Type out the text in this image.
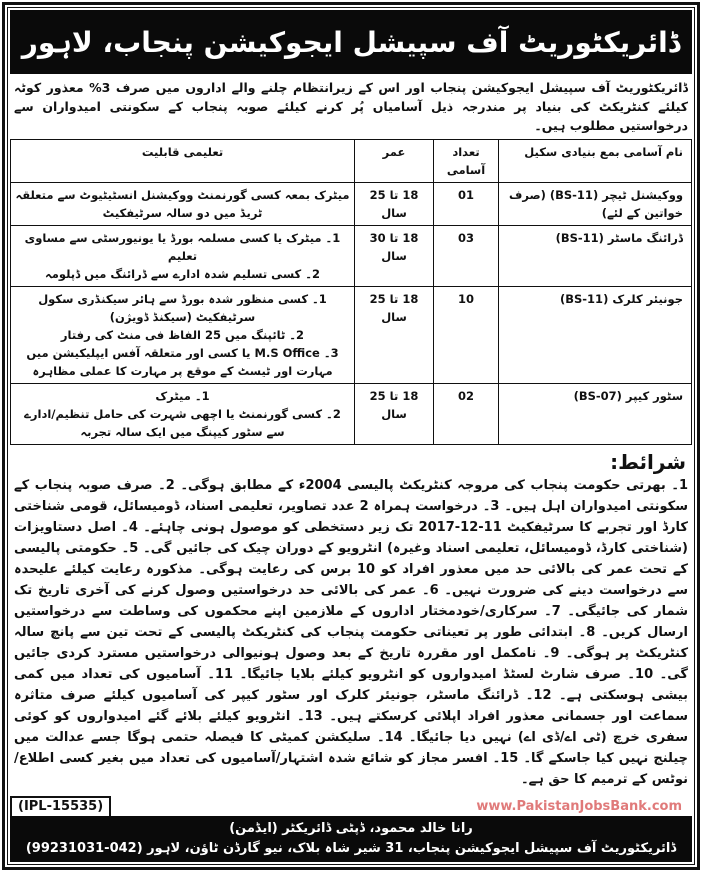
ڈائریکٹوریٹ آف سپیشل ایجوکیشن پنجاب، لاہور
ڈائریکٹوریٹ آف سپیشل ایجوکیشن پنجاب اور اس کے زیرانتظام چلنے والے اداروں میں صرف 3% معذور کوٹہ کیلئے کنٹریکٹ کی بنیاد پر مندرجہ ذیل آسامیاں پُر کرنے کیلئے صوبہ پنجاب کے سکونتی امیدواران سے درخواستیں مطلوب ہیں۔
نام آسامی بمع بنیادی سکیل	تعداد آسامی	عمر	تعلیمی قابلیت
ووکیشنل ٹیچر (BS-11) (صرف خواتین کے لئے)	01	18 تا 25 سال	میٹرک بمعہ کسی گورنمنٹ ووکیشنل انسٹیٹیوٹ سے متعلقہ ٹریڈ میں دو سالہ سرٹیفکیٹ

ڈرائنگ ماسٹر (BS-11)	03	18 تا 30 سال	1۔ میٹرک یا کسی مسلمہ بورڈ یا یونیورسٹی سے مساوی تعلیم
2۔ کسی تسلیم شدہ ادارے سے ڈرائنگ میں ڈپلومہ

جونیئر کلرک (BS-11)	10	18 تا 25 سال	1۔ کسی منظور شدہ بورڈ سے ہائر سیکنڈری سکول سرٹیفکیٹ (سیکنڈ ڈویژن)
2۔ ٹائپنگ میں 25 الفاظ فی منٹ کی رفتار
3۔ M.S Office یا کسی اور متعلقہ آفس ایپلیکیشن میں مہارت اور ٹیسٹ کے موقع پر مہارت کا عملی مظاہرہ

سٹور کیپر (BS-07)	02	18 تا 25 سال	1۔ میٹرک
2۔ کسی گورنمنٹ یا اچھی شہرت کی حامل تنظیم/ادارے سے سٹور کیپنگ میں ایک سالہ تجربہ
شرائط:
1۔ بھرتی حکومت پنجاب کی مروجہ کنٹریکٹ پالیسی 2004ء کے مطابق ہوگی۔ 2۔ صرف صوبہ پنجاب کے سکونتی امیدواران اہل ہیں۔ 3۔ درخواست ہمراہ 2 عدد تصاویر، تعلیمی اسناد، ڈومیسائل، قومی شناختی کارڈ اور تجربے کا سرٹیفکیٹ 11-12-2017 تک زیر دستخطی کو موصول ہونی چاہئے۔ 4۔ اصل دستاویزات (شناختی کارڈ، ڈومیسائل، تعلیمی اسناد وغیرہ) انٹرویو کے دوران چیک کی جائیں گی۔ 5۔ حکومتی پالیسی کے تحت عمر کی بالائی حد میں معذور افراد کو 10 برس کی رعایت ہوگی۔ مذکورہ رعایت کیلئے علیحدہ سے درخواست دینے کی ضرورت نہیں۔ 6۔ عمر کی بالائی حد درخواستیں وصول کرنے کی آخری تاریخ تک شمار کی جائیگی۔ 7۔ سرکاری/خودمختار اداروں کے ملازمین اپنے محکموں کی وساطت سے درخواستیں ارسال کریں۔ 8۔ ابتدائی طور پر تعیناتی حکومت پنجاب کی کنٹریکٹ پالیسی کے تحت تین سے پانچ سالہ کنٹریکٹ پر ہوگی۔ 9۔ نامکمل اور مقررہ تاریخ کے بعد وصول ہونیوالی درخواستیں مسترد کردی جائیں گی۔ 10۔ صرف شارٹ لسٹڈ امیدواروں کو انٹرویو کیلئے بلایا جائیگا۔ 11۔ آسامیوں کی تعداد میں کمی بیشی ہوسکتی ہے۔ 12۔ ڈرائنگ ماسٹر، جونیئر کلرک اور سٹور کیپر کی آسامیوں کیلئے صرف متاثرہ سماعت اور جسمانی معذور افراد اپلائی کرسکتے ہیں۔ 13۔ انٹرویو کیلئے بلائے گئے امیدواروں کو کوئی سفری خرچ (ٹی اے/ڈی اے) نہیں دیا جائیگا۔ 14۔ سلیکشن کمیٹی کا فیصلہ حتمی ہوگا جسے عدالت میں چیلنج نہیں کیا جاسکے گا۔ 15۔ افسر مجاز کو شائع شدہ اشتہار/آسامیوں کی تعداد میں بغیر کسی اطلاع/نوٹس کے ترمیم کا حق ہے۔
(IPL-15535)	www.PakistanJobsBank.com
رانا خالد محمود، ڈپٹی ڈائریکٹر (ایڈمن)
ڈائریکٹوریٹ آف سپیشل ایجوکیشن پنجاب، 31 شیر شاہ بلاک، نیو گارڈن ٹاؤن، لاہور (042-99231031)
